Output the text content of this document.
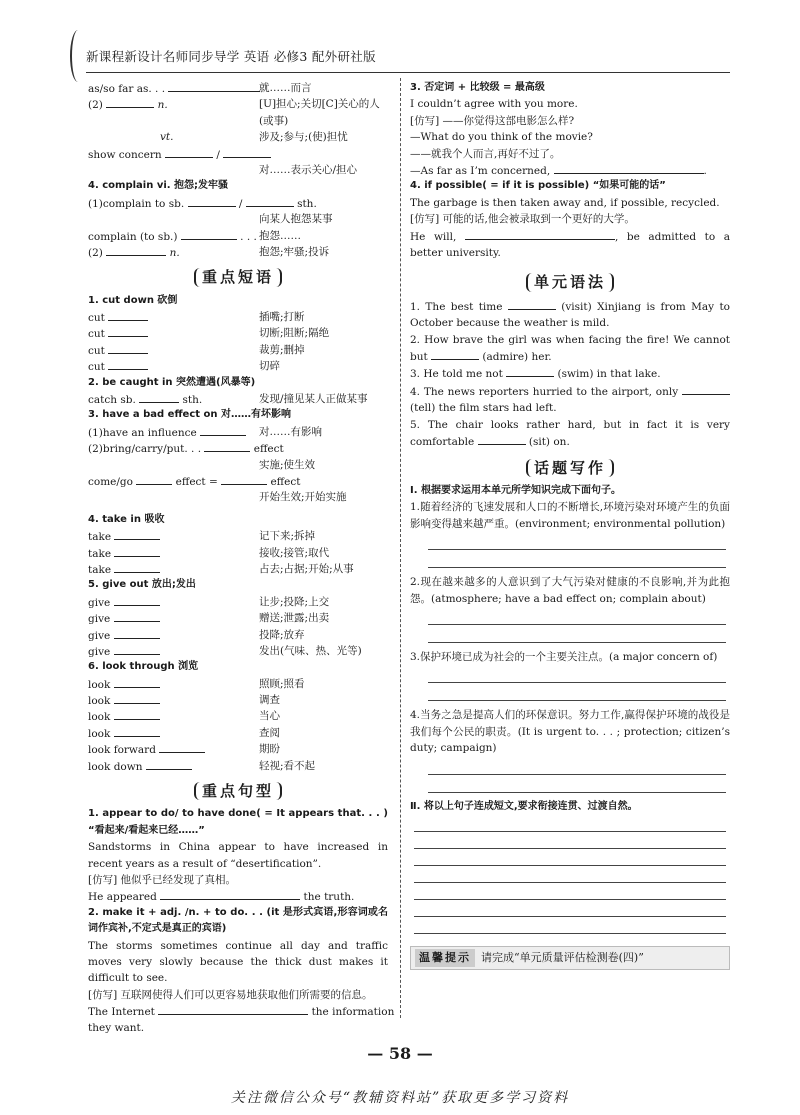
新课程新设计名师同步导学 英语 必修3 配外研社版
as/so far as. . .	就……而言
(2)	n.	[U]担心;关切[C]关心的人(或事)
vt.	涉及;参与;(使)担忧
show concern	/
对……表示关心/担心
4. complain vi. 抱怨;发牢骚
(1)complain to sb.	/	sth.
向某人抱怨某事
complain (to sb.)	. . . 抱怨……
(2)	n.	抱怨;牢骚;投诉
重点短语
1. cut down 砍倒
cut	插嘴;打断
cut	切断;阻断;隔绝
cut	裁剪;删掉
cut	切碎
2. be caught in 突然遭遇(风暴等)
catch sb.	sth.	发现/撞见某人正做某事
3. have a bad effect on 对……有坏影响
(1)have an influence	对……有影响
(2)bring/carry/put. . .	effect
实施;使生效
come/go	effect =	effect
开始生效;开始实施
4. take in 吸收
take	记下来;拆掉
take	接收;接管;取代
take	占去;占据;开始;从事
5. give out 放出;发出
give	让步;投降;上交
give	赠送;泄露;出卖
give	投降;放弃
give	发出(气味、热、光等)
6. look through 浏览
look	照顾;照看
look	调查
look	当心
look	查阅
look forward	期盼
look down	轻视;看不起
重点句型
1. appear to do/ to have done( = It appears that. . . ) “看起来/看起来已经……”
Sandstorms in China appear to have increased in recent years as a result of “desertification”.
[仿写] 他似乎已经发现了真相。
He appeared	the truth.
2. make it + adj. /n. + to do. . . (it 是形式宾语,形容词或名词作宾补,不定式是真正的宾语)
The storms sometimes continue all day and traffic moves very slowly because the thick dust makes it difficult to see.
[仿写] 互联网使得人们可以更容易地获取他们所需要的信息。
The Internet	the information
they want.
3. 否定词 + 比较级 = 最高级
I couldn’t agree with you more.
[仿写] ——你觉得这部电影怎么样?
—What do you think of the movie?
——就我个人而言,再好不过了。
—As far as I’m concerned,	.
4. if possible( = if it is possible) “如果可能的话”
The garbage is then taken away and, if possible, recycled.
[仿写] 可能的话,他会被录取到一个更好的大学。
He will,	, be admitted to a better university.
单元语法
1. The best time	(visit) Xinjiang is from May to October because the weather is mild.
2. How brave the girl was when facing the fire! We cannot but	(admire) her.
3. He told me not	(swim) in that lake.
4. The news reporters hurried to the airport, only  (tell) the film stars had left.
5. The chair looks rather hard, but in fact it is very comfortable	(sit) on.
话题写作
Ⅰ. 根据要求运用本单元所学知识完成下面句子。
1.随着经济的飞速发展和人口的不断增长,环境污染对环境产生的负面影响变得越来越严重。(environment; environmental pollution)
2.现在越来越多的人意识到了大气污染对健康的不良影响,并为此抱怨。(atmosphere; have a bad effect on; complain about)
3.保护环境已成为社会的一个主要关注点。(a major concern of)
4.当务之急是提高人们的环保意识。努力工作,赢得保护环境的战役是我们每个公民的职责。(It is urgent to. . . ; protection; citizen’s duty; campaign)
Ⅱ. 将以上句子连成短文,要求衔接连贯、过渡自然。
温馨提示 请完成“单元质量评估检测卷(四)”
— 58 —
关注微信公众号“教辅资料站”获取更多学习资料
